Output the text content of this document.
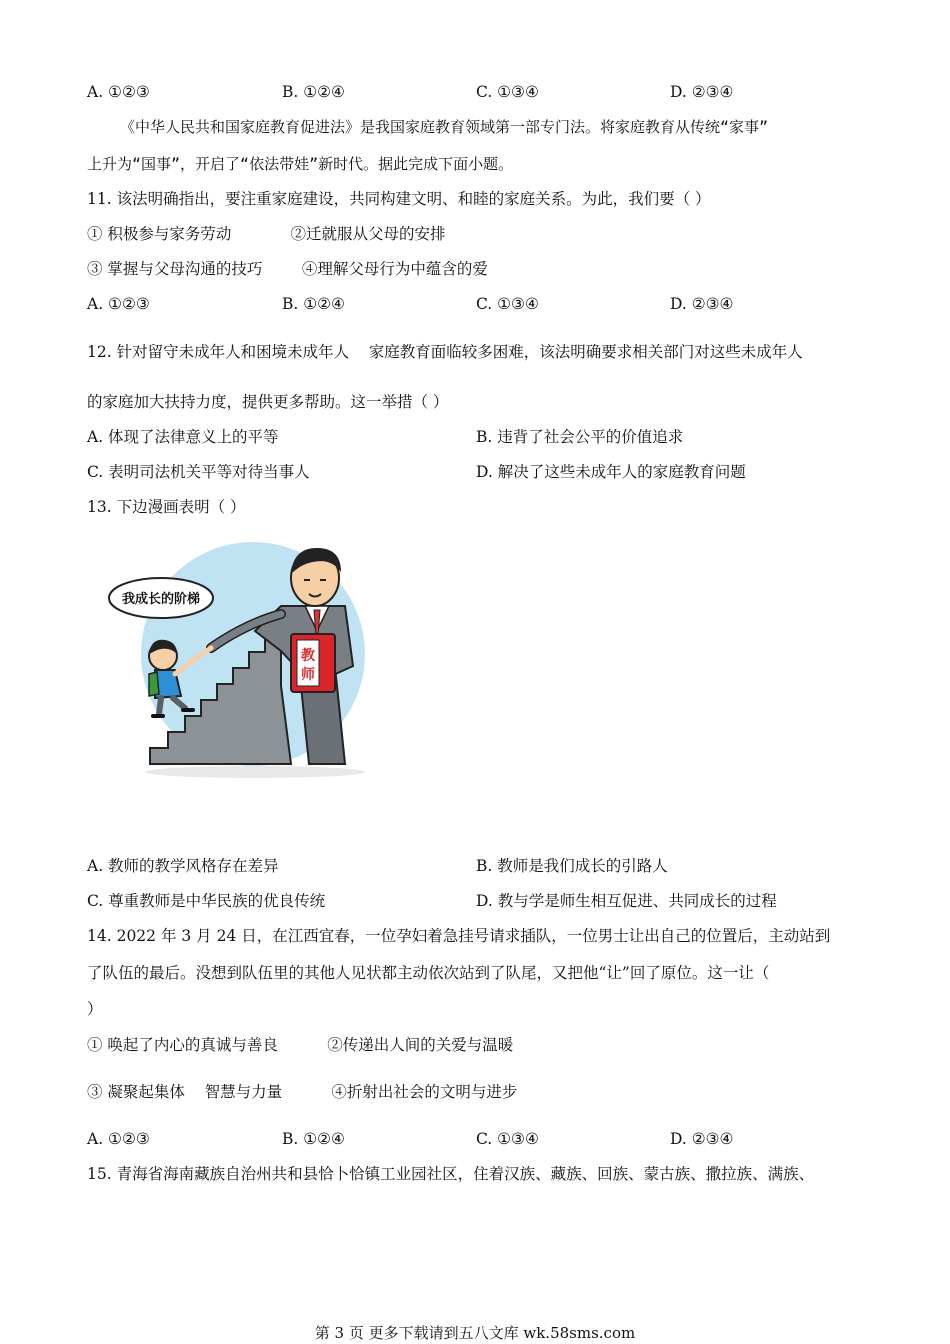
A. ①②③	B. ①②④	C. ①③④	D. ②③④
《中华人民共和国家庭教育促进法》是我国家庭教育领域第一部专门法。将家庭教育从传统“家事”
上升为“国事”，开启了“依法带娃”新时代。据此完成下面小题。
11. 该法明确指出，要注重家庭建设，共同构建文明、和睦的家庭关系。为此，我们要（ ）
① 积极参与家务劳动            ②迁就服从父母的安排
③ 掌握与父母沟通的技巧        ④理解父母行为中蕴含的爱
A. ①②③	B. ①②④	C. ①③④	D. ②③④
12. 针对留守未成年人和困境未成年人    家庭教育面临较多困难，该法明确要求相关部门对这些未成年人
的家庭加大扶持力度，提供更多帮助。这一举措（ ）
A. 体现了法律意义上的平等	B. 违背了社会公平的价值追求
C. 表明司法机关平等对待当事人	D. 解决了这些未成年人的家庭教育问题
13. 下边漫画表明（ ）
教
师
我成长的阶梯
A. 教师的教学风格存在差异	B. 教师是我们成长的引路人
C. 尊重教师是中华民族的优良传统	D. 教与学是师生相互促进、共同成长的过程
14. 2022 年 3 月 24 日，在江西宜春，一位孕妇着急挂号请求插队，一位男士让出自己的位置后，主动站到
了队伍的最后。没想到队伍里的其他人见状都主动依次站到了队尾，又把他“让”回了原位。这一让（
）
① 唤起了内心的真诚与善良          ②传递出人间的关爱与温暖
③ 凝聚起集体    智慧与力量          ④折射出社会的文明与进步
A. ①②③	B. ①②④	C. ①③④	D. ②③④
15. 青海省海南藏族自治州共和县恰卜恰镇工业园社区，住着汉族、藏族、回族、蒙古族、撒拉族、满族、
第 3 页 更多下载请到五八文库 wk.58sms.com
